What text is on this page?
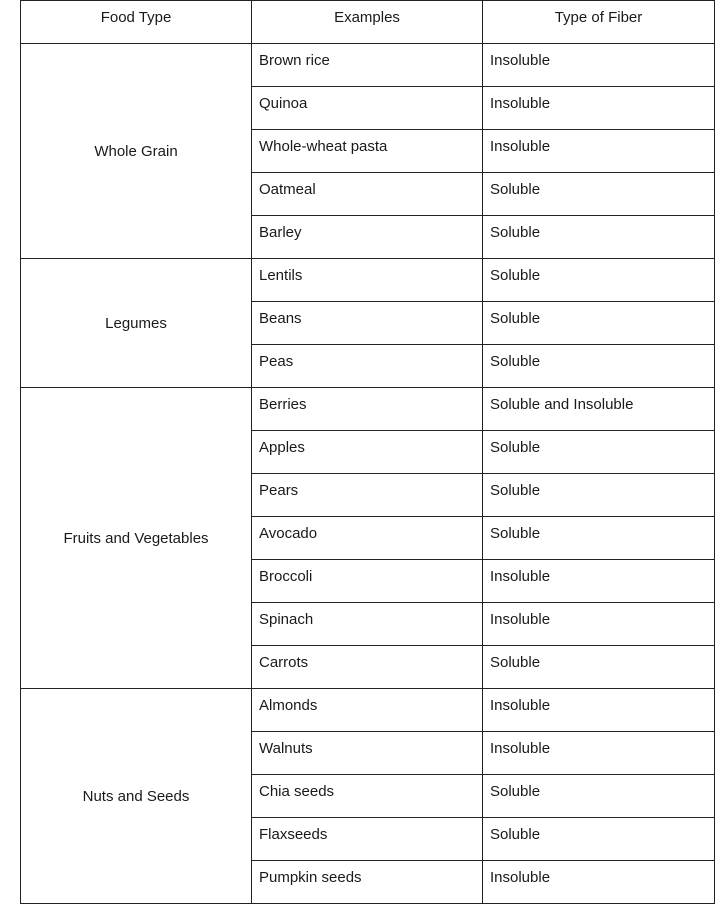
Food Type	Examples	Type of Fiber
Whole Grain	Brown rice	Insoluble
	Quinoa	Insoluble
	Whole-wheat pasta	Insoluble
	Oatmeal	Soluble
	Barley	Soluble
Legumes	Lentils	Soluble
	Beans	Soluble
	Peas	Soluble
Fruits and Vegetables	Berries	Soluble and Insoluble
	Apples	Soluble
	Pears	Soluble
	Avocado	Soluble
	Broccoli	Insoluble
	Spinach	Insoluble
	Carrots	Soluble
Nuts and Seeds	Almonds	Insoluble
	Walnuts	Insoluble
	Chia seeds	Soluble
	Flaxseeds	Soluble
	Pumpkin seeds	Insoluble
